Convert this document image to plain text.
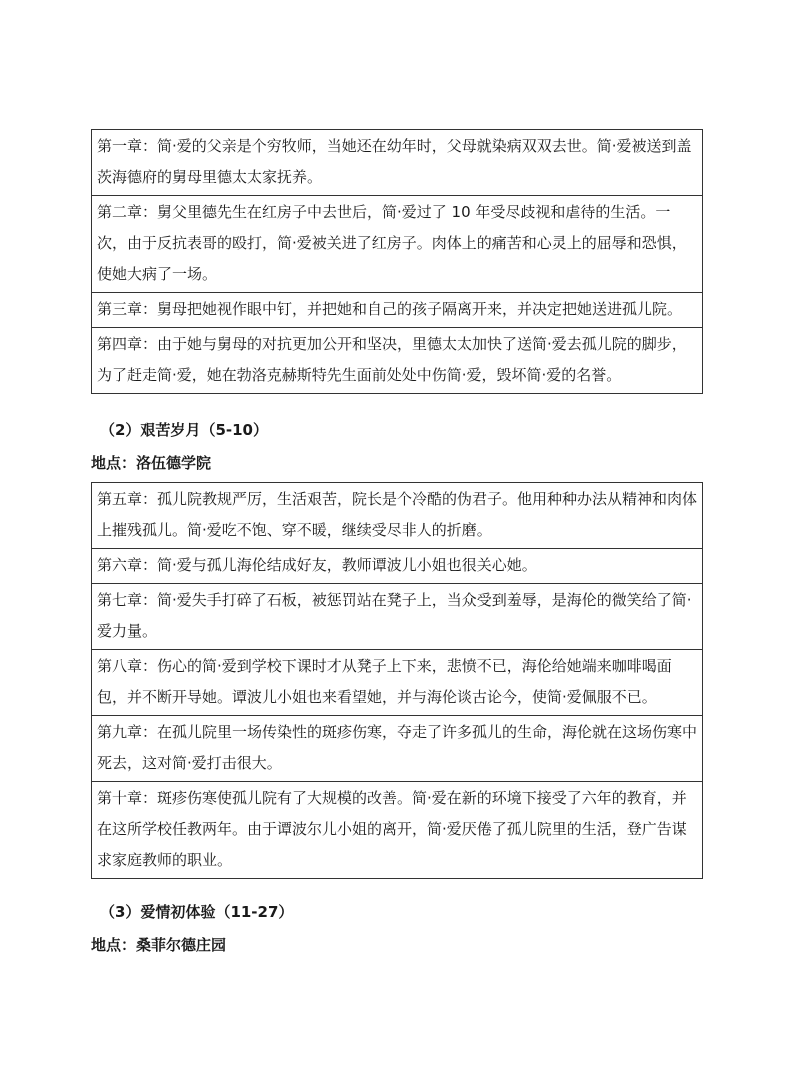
第一章：简·爱的父亲是个穷牧师，当她还在幼年时，父母就染病双双去世。简·爱被送到盖茨海德府的舅母里德太太家抚养。
第二章：舅父里德先生在红房子中去世后，简·爱过了 10 年受尽歧视和虐待的生活。一次，由于反抗表哥的殴打，简·爱被关进了红房子。肉体上的痛苦和心灵上的屈辱和恐惧，使她大病了一场。
第三章：舅母把她视作眼中钉，并把她和自己的孩子隔离开来，并决定把她送进孤儿院。
第四章：由于她与舅母的对抗更加公开和坚决，里德太太加快了送简·爱去孤儿院的脚步，为了赶走简·爱，她在勃洛克赫斯特先生面前处处中伤简·爱，毁坏简·爱的名誉。
（2）艰苦岁月（5-10）
地点：洛伍德学院
第五章：孤儿院教规严厉，生活艰苦，院长是个冷酷的伪君子。他用种种办法从精神和肉体上摧残孤儿。简·爱吃不饱、穿不暖，继续受尽非人的折磨。
第六章：简·爱与孤儿海伦结成好友，教师谭波儿小姐也很关心她。
第七章：简·爱失手打碎了石板，被惩罚站在凳子上，当众受到羞辱，是海伦的微笑给了简·爱力量。
第八章：伤心的简·爱到学校下课时才从凳子上下来，悲愤不已，海伦给她端来咖啡喝面包，并不断开导她。谭波儿小姐也来看望她，并与海伦谈古论今，使简·爱佩服不已。
第九章：在孤儿院里一场传染性的斑疹伤寒，夺走了许多孤儿的生命，海伦就在这场伤寒中死去，这对简·爱打击很大。
第十章：斑疹伤寒使孤儿院有了大规模的改善。简·爱在新的环境下接受了六年的教育，并在这所学校任教两年。由于谭波尔儿小姐的离开，简·爱厌倦了孤儿院里的生活，登广告谋求家庭教师的职业。
（3）爱情初体验（11-27）
地点：桑菲尔德庄园
